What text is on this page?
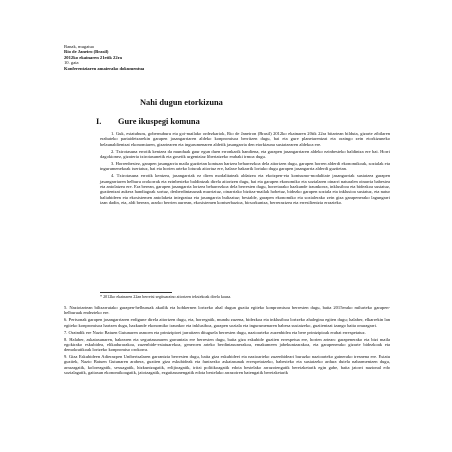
Banak, mugatua
Rio de Janeiro (Brasil)
2012ko ekainaren 21etik 22ra
10. gaia
Konferentziaren amaierako dokumentua
Nahi dugun etorkizuna
I. Gure ikuspegi komuna

1. Guk, estatuburu, gobernuburu eta goi-mailako ordezkariok, Rio de Janeiron (Brasil) 2012ko ekainaren 20tik 22ra bitartean bilduta, gizarte zibilaren erabateko partaidetzarekin garapen jasangarriaren aldeko konpromisoa berritzen dugu, bai eta gure planetarentzat eta oraingo zein etorkizuneko belaunaldientzat ekonomiaren, gizartearen eta ingurumenaren aldetik jasangarria den etorkizuna sustatzearen aldekoa ere.

2. Txirotasuna errotik kentzea da munduak gaur egun duen erronkarik handiena, eta garapen jasangarriaren aldeko ezinbesteko baldintza ere bai. Horri dagokionez, gizateria txirotasunetik eta gosetik urgentziaz libertatzeko erabaki irmoa dugu.

3. Horrenbestez, garapen jasangarria maila guztietan kontuan hartzea beharrezkoa dela aitortzen dugu, garapen horren alderdi ekonomikoak, sozialak eta ingurumenekoak txertatuz, bai eta horien arteko loturak aitortuz ere, halaxe bakarrik lortuko dugu garapen jasangarria alderdi guztietan.

4. Txirotasuna errotik kentzea, jasangarriak ez diren modalitateak aldatzea eta ekoizpen-eta kontsumo-modalitate jasangarriak sustatzea garapen jasangarriaren helburu orokorrak eta ezinbesteko baldintzak direla aitortzen dugu, bai eta garapen ekonomiko eta sozialaren oinarri naturalen oinarria babestea eta antolatzea ere. Era berean, garapen jasangarria lortzea beharrezkoa dela berresten dugu, horretarako hazkunde iraunkorra, inklusiboa eta bidezkoa sustatuz, guztientzat aukera handiagoak sortuz, desberdintasunak murriztuz, oinarrizko bizitza-mailak hobetuz, bidezko garapen soziala eta inklusioa sustatuz, eta natur baliabideen eta ekosistemen antolaketa integratua eta jasangarria bultzatuz; bestalde, garapen ekonomiko eta sozialerako zein giza garapenerako lagungarri izan dadin, eta, aldi berean, ararko berrien aurrean, ekosistemen kontserbazioa, birsorkuntza, berreraztzea eta erresilientzia errazteko.

* 2012ko ekainaren 22an berretsi segituaraino aitortzen tekstekoak direla kausa.

5. Naziotartean biltzarrutako garapen-helburuak akatlik eta hobkernen lortzeko ahal dugun guztia egiteko konpromisoa berresten dugu, baita 2015erako milurteko garapen-helburuak endezteko ere.

6. Pertsonak garapen jasangarriaren erdigune direla aitortzen dugu, eta, horregatik, mundu zuzena, bidezkoa eta inklusiboa lortzeko ahaleginа egiten dugu; halaber, elkarrekin lan egiteko konpromisoa hartzen dugu, hazkunde ekonomiko iraunkor eta inklusiboa, garapen soziala eta ingurumenaren babesa sustatzeko, guztientzat izango baita onuragarri.

7. Oraindik ere Nazio Batuen Gutunaren asmoen eta printzipioei jarraitzen dituguela berresten dugu, nazioarteko zuzenbidea eta bere printzipioak erabat errespetatuz.

8. Halaber, askatasunaren, bakearen eta segurtasunaren garrantzia ere berresten dugu, baita giza eskubide guztien errespetua ere, horien artean: garapenerako eta bizi maila egokirako eskubidea, elikadurarakoa, zuzenbide-estatuarekoa, generoen arteko berdintasunerakoa, emakumeen jabekuntzarakoa, eta garapenerako gizarte bidezkoak eta demokratikoak lortzeko konpromiso orokorra.

9. Giza Eskubideen Adierazpen Unibertsalaren garrantzia berresten dugu, baita giza eskubideei eta nazioarteko zuzenbideari buruzko nazioarteko gainerako tresnena ere. Estatu guztiek, Nazio Batuen Gutunaren arabera, guztien giza eskubideak eta funtsezko askatasunak errespetatzeko, babesteko eta sustatzeko ardura dutela nabarmentzen dugu, arrazagatik, koloreagatik, sexuagatik, hizkuntzagatik, erlijioagatik, iritzi politikoagatik edota bestelako arrazoiengatik bereizketarik egin gabe, baita jatorri nazional edo sozialagatik, gaitasun ekonomikoagatik, jaiotzagatik, ezgaitasunengatik edota bestelako arrazoiren batengatik bereizketarik
